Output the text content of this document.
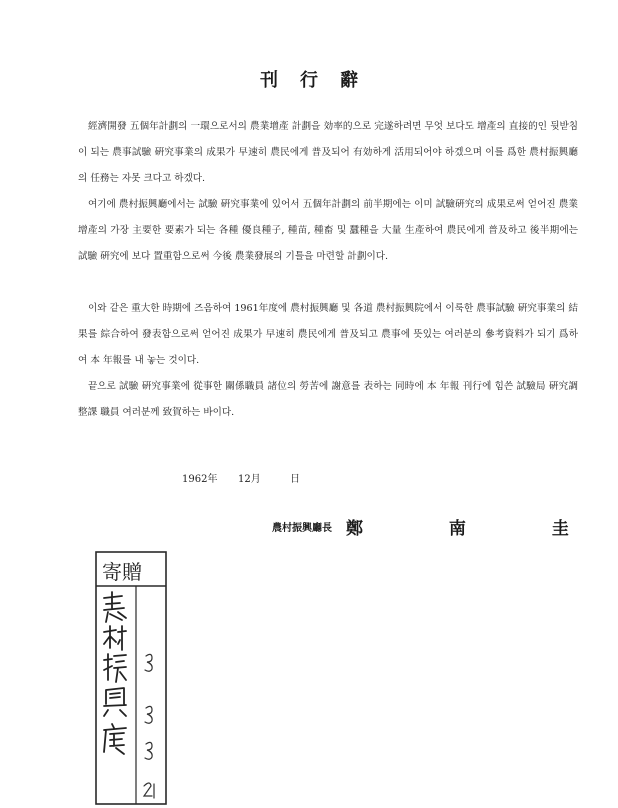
刊行辭

經濟開發 五個年計劃의 一環으로서의 農業增產 計劃을 効率的으로 完遂하려면 무엇 보다도 增產의 直接的인 뒷받침이 되는 農事試驗 硏究事業의 成果가 早速히 農民에게 普及되어 有効하게 活用되어야 하겠으며 이를 爲한 農村振興廳의 任務는 자못 크다고 하겠다.

여기에 農村振興廳에서는 試驗 硏究事業에 있어서 五個年計劃의 前半期에는 이미 試驗硏究의 成果로써 얻어진 農業增產의 가장 主要한 要素가 되는 各種 優良種子, 種苗, 種畜 및 蠶種을 大量 生產하여 農民에게 普及하고 後半期에는 試驗 硏究에 보다 置重함으로써 今後 農業發展의 기틀을 마련할 計劃이다.

이와 같은 重大한 時期에 즈음하여 1961年度에 農村振興廳 및 各道 農村振興院에서 이룩한 農事試驗 硏究事業의 結果를 綜合하여 發表함으로써 얻어진 成果가 早速히 農民에게 普及되고 農事에 뜻있는 여러분의 參考資料가 되기 爲하여 本 年報를 내 놓는 것이다.

끝으로 試驗 硏究事業에 從事한 關係職員 諸位의 勞苦에 謝意를 表하는 同時에 本 年報 刊行에 힘쓴 試驗局 硏究調整課 職員 여러분께 致賀하는 바이다.

1962年 12月	日
農村振興廳長 鄭 南 圭
寄贈
